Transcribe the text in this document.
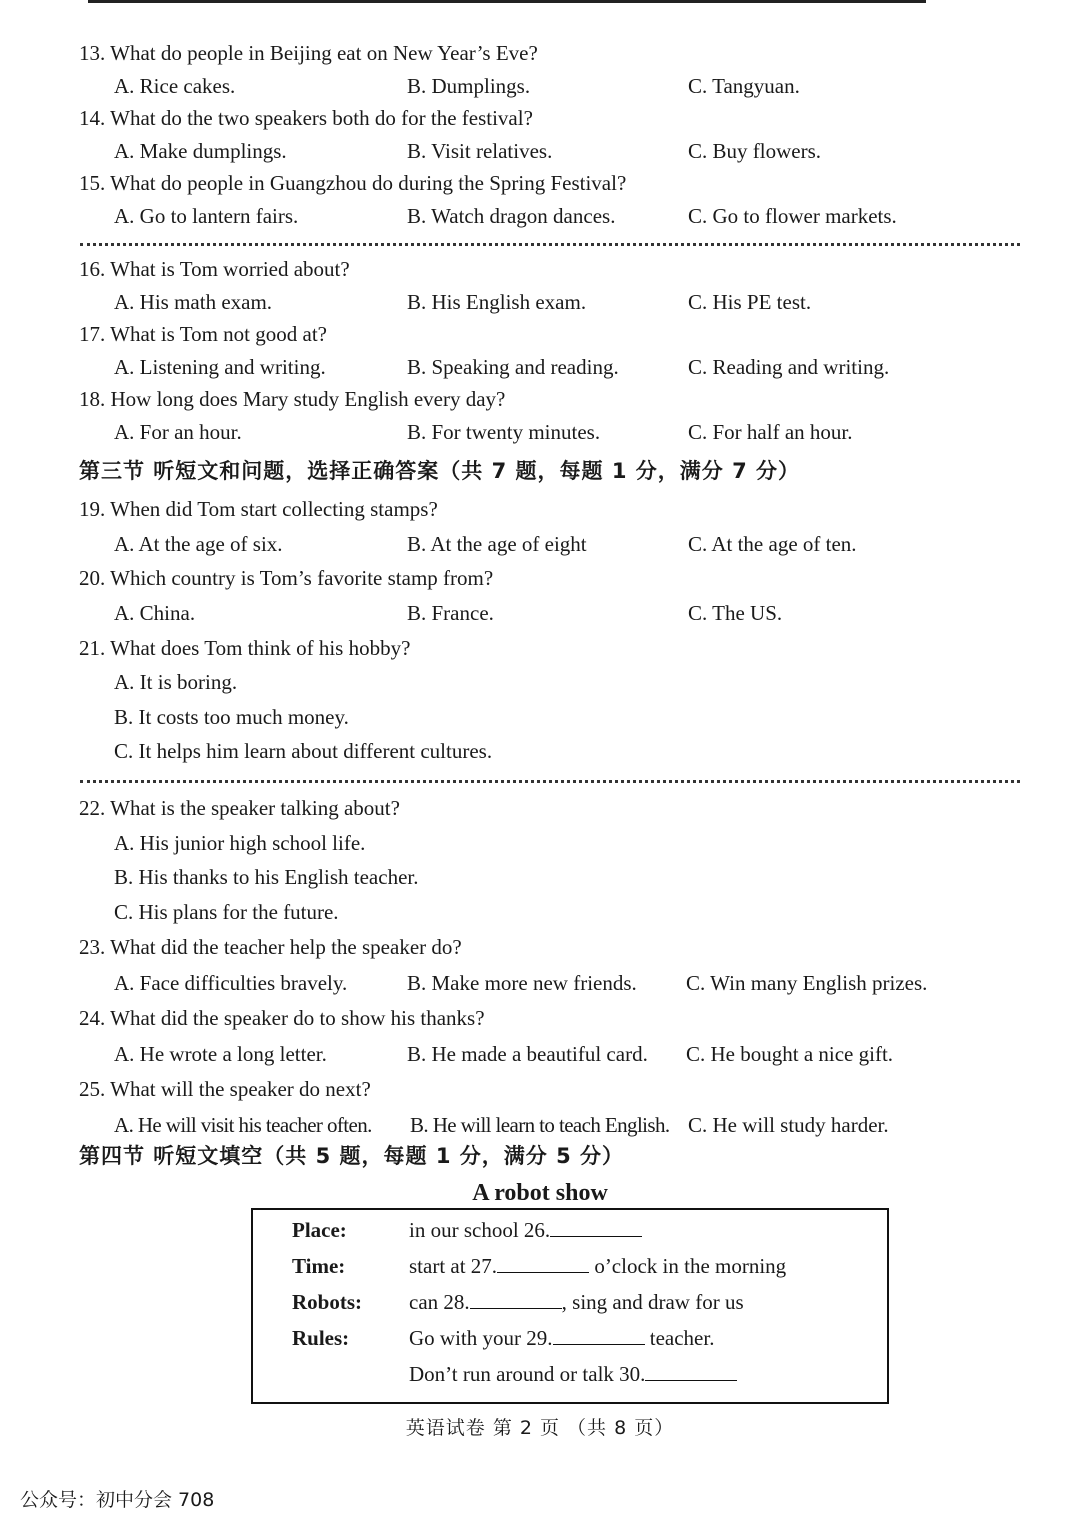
13. What do people in Beijing eat on New Year’s Eve?
A. Rice cakes.	B. Dumplings.	C. Tangyuan.
14. What do the two speakers both do for the festival?
A. Make dumplings.	B. Visit relatives.	C. Buy flowers.
15. What do people in Guangzhou do during the Spring Festival?
A. Go to lantern fairs.	B. Watch dragon dances.	C. Go to flower markets.
16. What is Tom worried about?
A. His math exam.	B. His English exam.	C. His PE test.
17. What is Tom not good at?
A. Listening and writing.	B. Speaking and reading.	C. Reading and writing.
18. How long does Mary study English every day?
A. For an hour.	B. For twenty minutes.	C. For half an hour.
第三节 听短文和问题，选择正确答案（共 7 题，每题 1 分，满分 7 分）
19. When did Tom start collecting stamps?
A. At the age of six.	B. At the age of eight	C. At the age of ten.
20. Which country is Tom’s favorite stamp from?
A. China.	B. France.	C. The US.
21. What does Tom think of his hobby?
A. It is boring.
B. It costs too much money.
C. It helps him learn about different cultures.
22. What is the speaker talking about?
A. His junior high school life.
B. His thanks to his English teacher.
C. His plans for the future.
23. What did the teacher help the speaker do?
A. Face difficulties bravely.	B. Make more new friends. C. Win many English prizes.
24. What did the speaker do to show his thanks?
A. He wrote a long letter.	B. He made a beautiful card. C. He bought a nice gift.
25. What will the speaker do next?
A. He will visit his teacher often. B. He will learn to teach English. C. He will study harder.
第四节 听短文填空（共 5 题，每题 1 分，满分 5 分）
A robot show
Place:	in our school 26.
Time:	start at 27.	o’clock in the morning
Robots: can 28.	, sing and draw for us
Rules:	Go with your 29.	teacher.
Don’t run around or talk 30.
英语试卷 第 2 页 （共 8 页）
公众号：初中分会 708
